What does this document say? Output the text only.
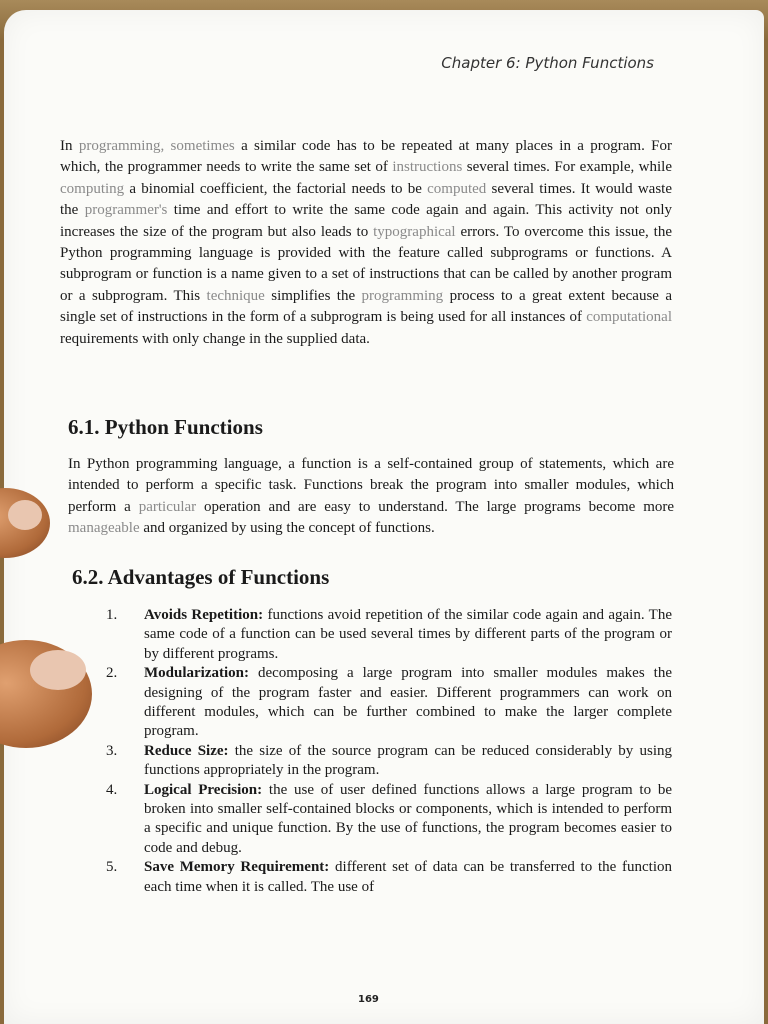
Chapter 6: Python Functions

In programming, sometimes a similar code has to be repeated at many places in a program. For which, the programmer needs to write the same set of instructions several times. For example, while computing a binomial coefficient, the factorial needs to be computed several times. It would waste the programmer's time and effort to write the same code again and again. This activity not only increases the size of the program but also leads to typographical errors. To overcome this issue, the Python programming language is provided with the feature called subprograms or functions. A subprogram or function is a name given to a set of instructions that can be called by another program or a subprogram. This technique simplifies the programming process to a great extent because a single set of instructions in the form of a subprogram is being used for all instances of computational requirements with only change in the supplied data.

6.1. Python Functions

In Python programming language, a function is a self-contained group of statements, which are intended to perform a specific task. Functions break the program into smaller modules, which perform a particular operation and are easy to understand. The large programs become more manageable and organized by using the concept of functions.

6.2. Advantages of Functions
1. Avoids Repetition: functions avoid repetition of the similar code again and again. The same code of a function can be used several times by different parts of the program or by different programs.
2. Modularization: decomposing a large program into smaller modules makes the designing of the program faster and easier. Different programmers can work on different modules, which can be further combined to make the larger complete program.
3. Reduce Size: the size of the source program can be reduced considerably by using functions appropriately in the program.
4. Logical Precision: the use of user defined functions allows a large program to be broken into smaller self-contained blocks or components, which is intended to perform a specific and unique function. By the use of functions, the program becomes easier to code and debug.
5. Save Memory Requirement: different set of data can be transferred to the function each time when it is called. The use of
169
